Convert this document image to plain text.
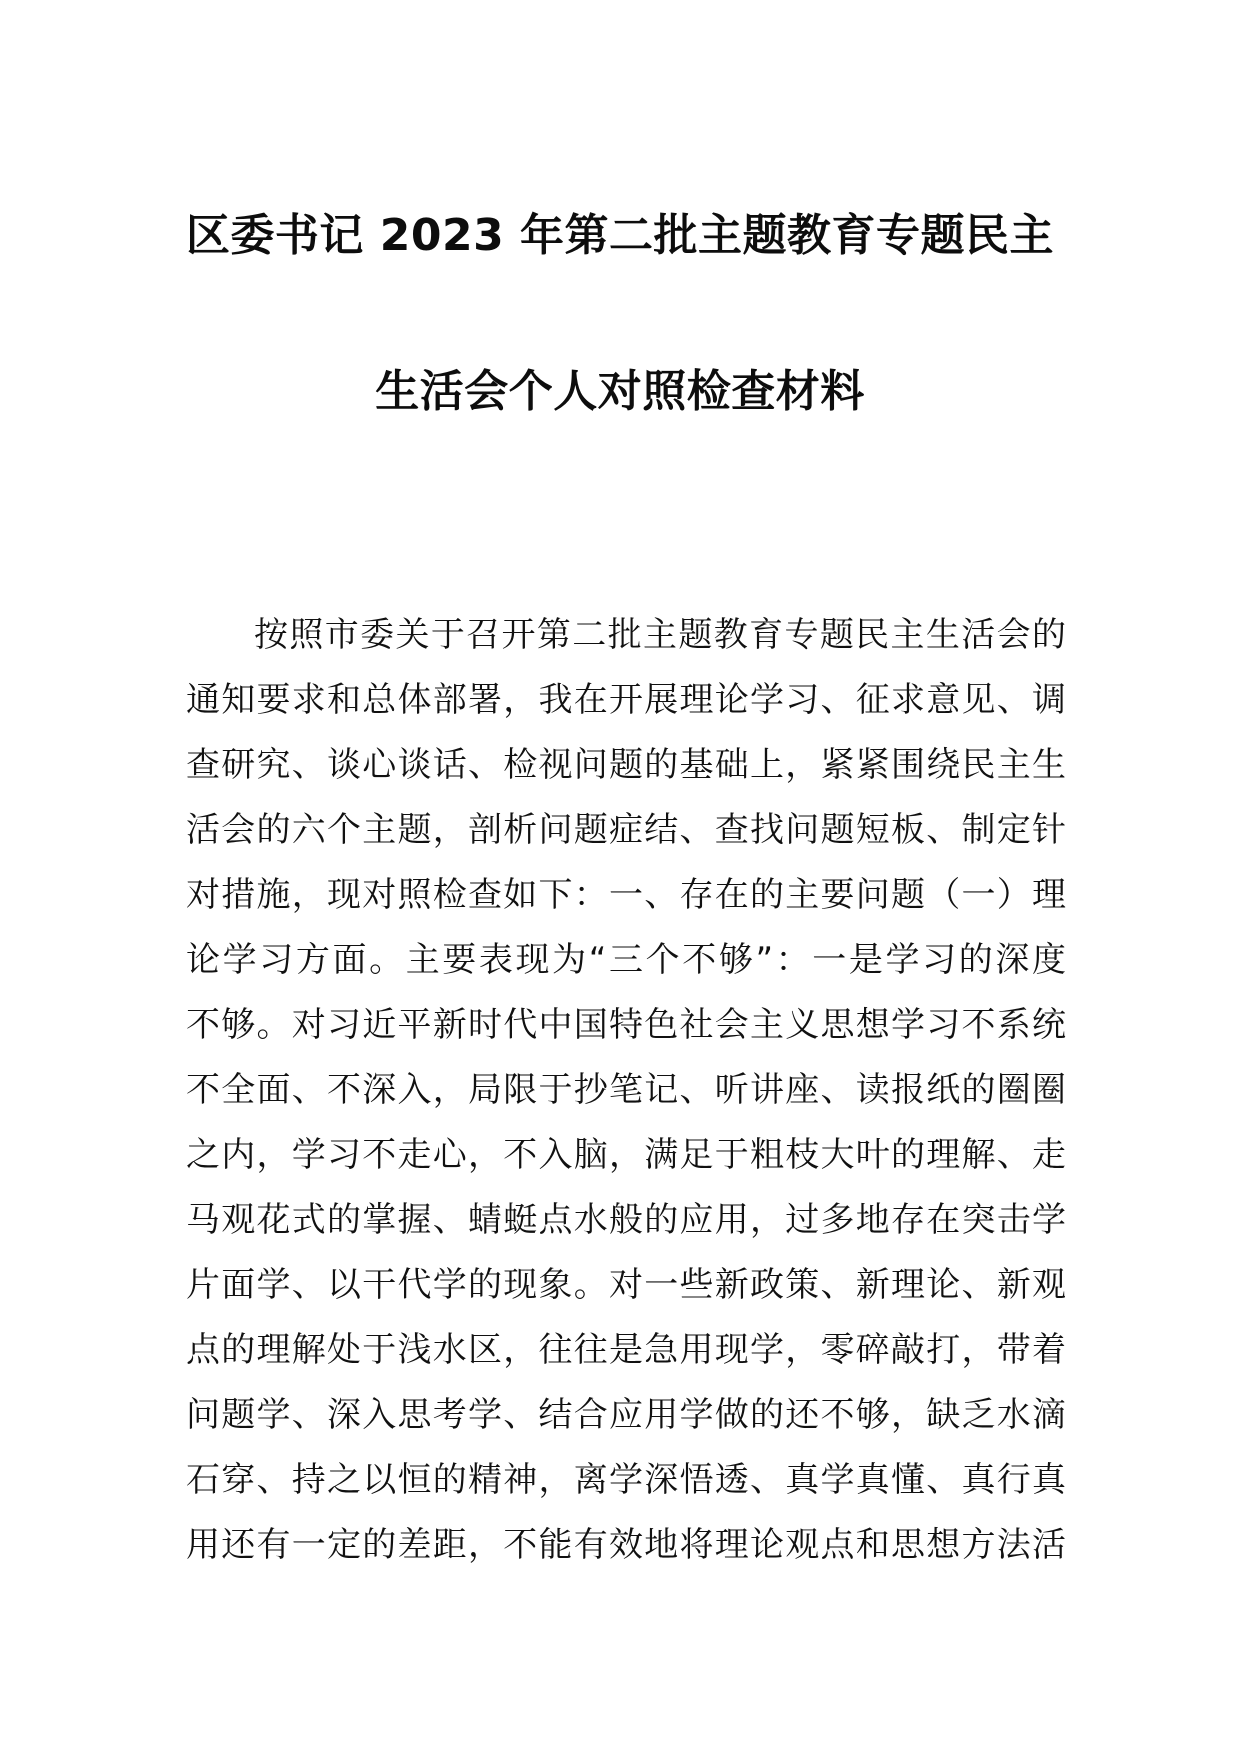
区委书记 2023 年第二批主题教育专题民主
生活会个人对照检查材料
按照市委关于召开第二批主题教育专题民主生活会的
通知要求和总体部署，我在开展理论学习、征求意见、调
查研究、谈心谈话、检视问题的基础上，紧紧围绕民主生
活会的六个主题，剖析问题症结、查找问题短板、制定针
对措施，现对照检查如下：一、存在的主要问题（一）理
论学习方面。主要表现为“三个不够”：一是学习的深度
不够。对习近平新时代中国特色社会主义思想学习不系统
不全面、不深入，局限于抄笔记、听讲座、读报纸的圈圈
之内，学习不走心，不入脑，满足于粗枝大叶的理解、走
马观花式的掌握、蜻蜓点水般的应用，过多地存在突击学
片面学、以干代学的现象。对一些新政策、新理论、新观
点的理解处于浅水区，往往是急用现学，零碎敲打，带着
问题学、深入思考学、结合应用学做的还不够，缺乏水滴
石穿、持之以恒的精神，离学深悟透、真学真懂、真行真
用还有一定的差距，不能有效地将理论观点和思想方法活
